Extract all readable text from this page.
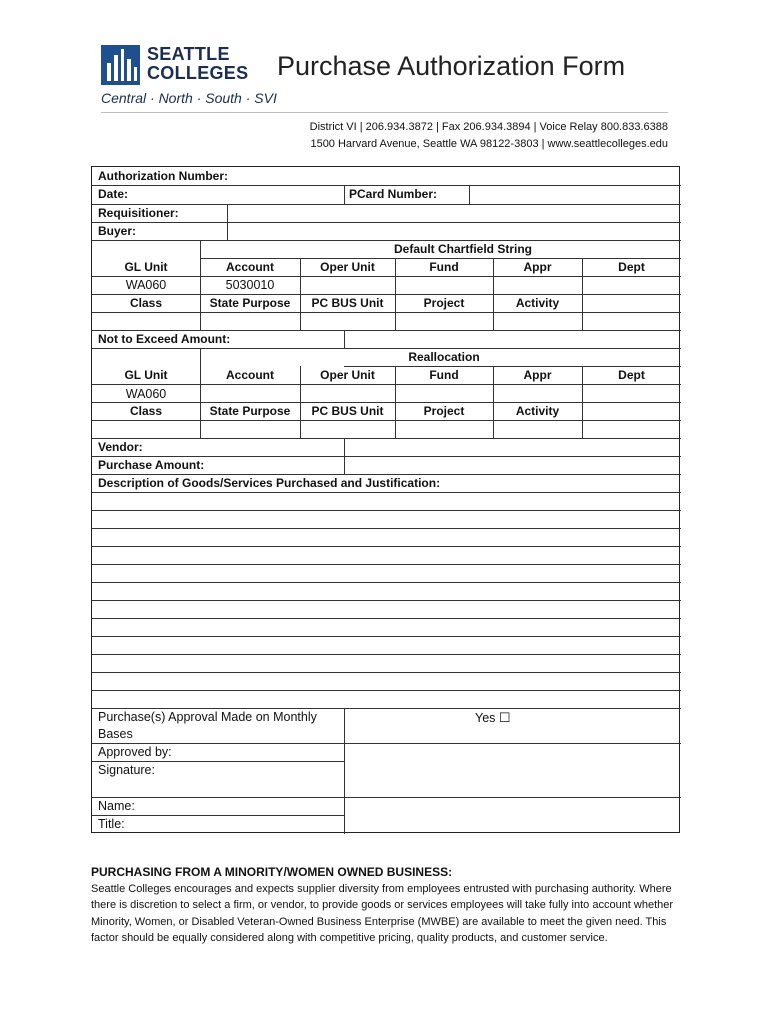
SEATTLE
COLLEGES
Central · North · South · SVI
Purchase Authorization Form
District VI | 206.934.3872 | Fax 206.934.3894 | Voice Relay 800.833.6388
1500 Harvard Avenue, Seattle WA 98122-3803 | www.seattlecolleges.edu
Authorization Number:
Date:	PCard Number:
Requisitioner:
Buyer:
Default Chartfield String
GL Unit	Account	Oper Unit	Fund	Appr	Dept
WA060	5030010
Class	State Purpose	PC BUS Unit	Project	Activity
Not to Exceed Amount:
Reallocation
GL Unit	Account	Oper Unit	Fund	Appr	Dept
WA060
Class	State Purpose	PC BUS Unit	Project	Activity
Vendor:
Purchase Amount:
Description of Goods/Services Purchased and Justification:
Purchase(s) Approval Made on Monthly
Bases
Yes ☐
Approved by:
Signature:
Name:
Title:
PURCHASING FROM A MINORITY/WOMEN OWNED BUSINESS:
Seattle Colleges encourages and expects supplier diversity from employees entrusted with purchasing authority. Where there is discretion to select a firm, or vendor, to provide goods or services employees will take fully into account whether Minority, Women, or Disabled Veteran-Owned Business Enterprise (MWBE) are available to meet the given need. This factor should be equally considered along with competitive pricing, quality products, and customer service.
